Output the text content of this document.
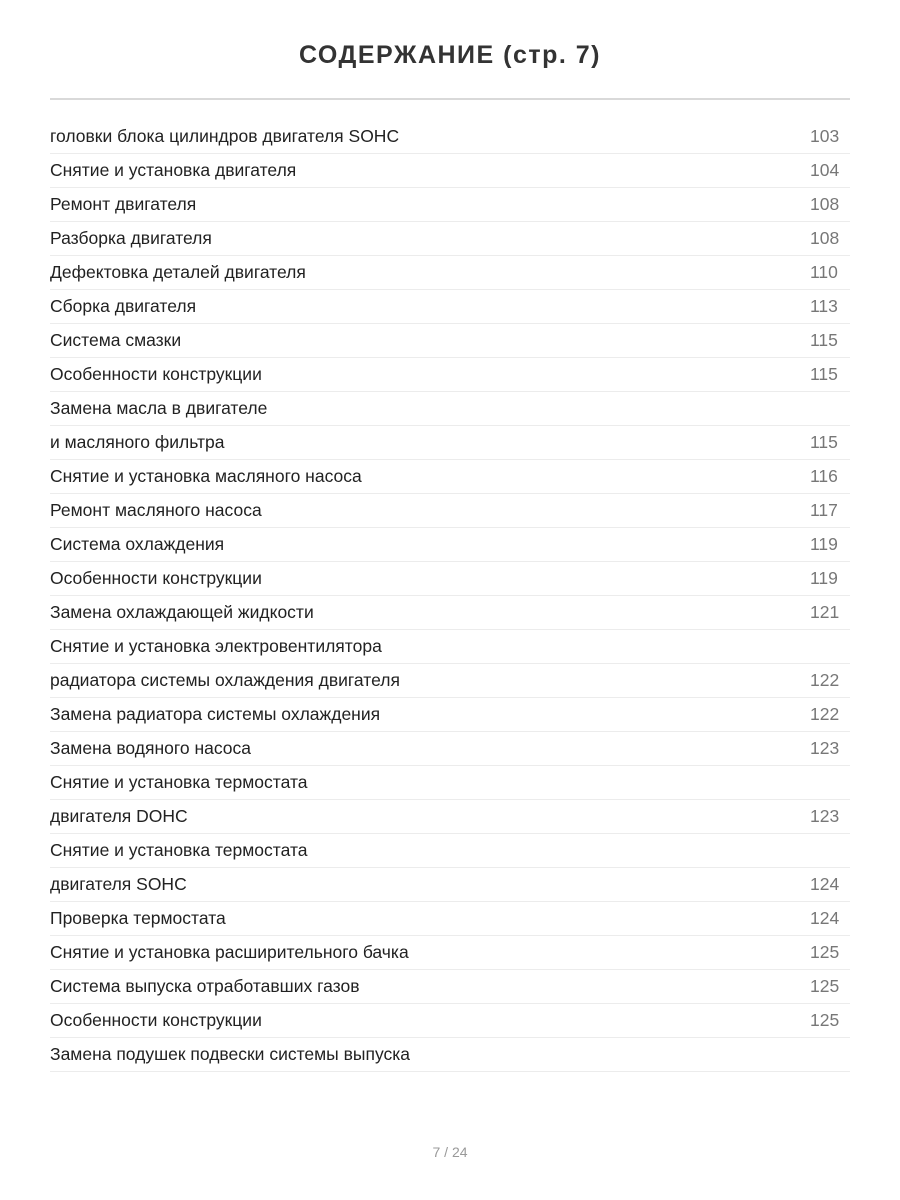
СОДЕРЖАНИЕ (стр. 7)
головки блока цилиндров двигателя SOHC	103
Снятие и установка двигателя	104
Ремонт двигателя	108
Разборка двигателя	108
Дефектовка деталей двигателя	110
Сборка двигателя	113
Система смазки	115
Особенности конструкции	115
Замена масла в двигателе
и масляного фильтра	115
Снятие и установка масляного насоса	116
Ремонт масляного насоса	117
Система охлаждения	119
Особенности конструкции	119
Замена охлаждающей жидкости	121
Снятие и установка электровентилятора
радиатора системы охлаждения двигателя	122
Замена радиатора системы охлаждения	122
Замена водяного насоса	123
Снятие и установка термостата
двигателя DOHC	123
Снятие и установка термостата
двигателя SOHC	124
Проверка термостата	124
Снятие и установка расширительного бачка	125
Система выпуска отработавших газов	125
Особенности конструкции	125
Замена подушек подвески системы выпуска
7 / 24
